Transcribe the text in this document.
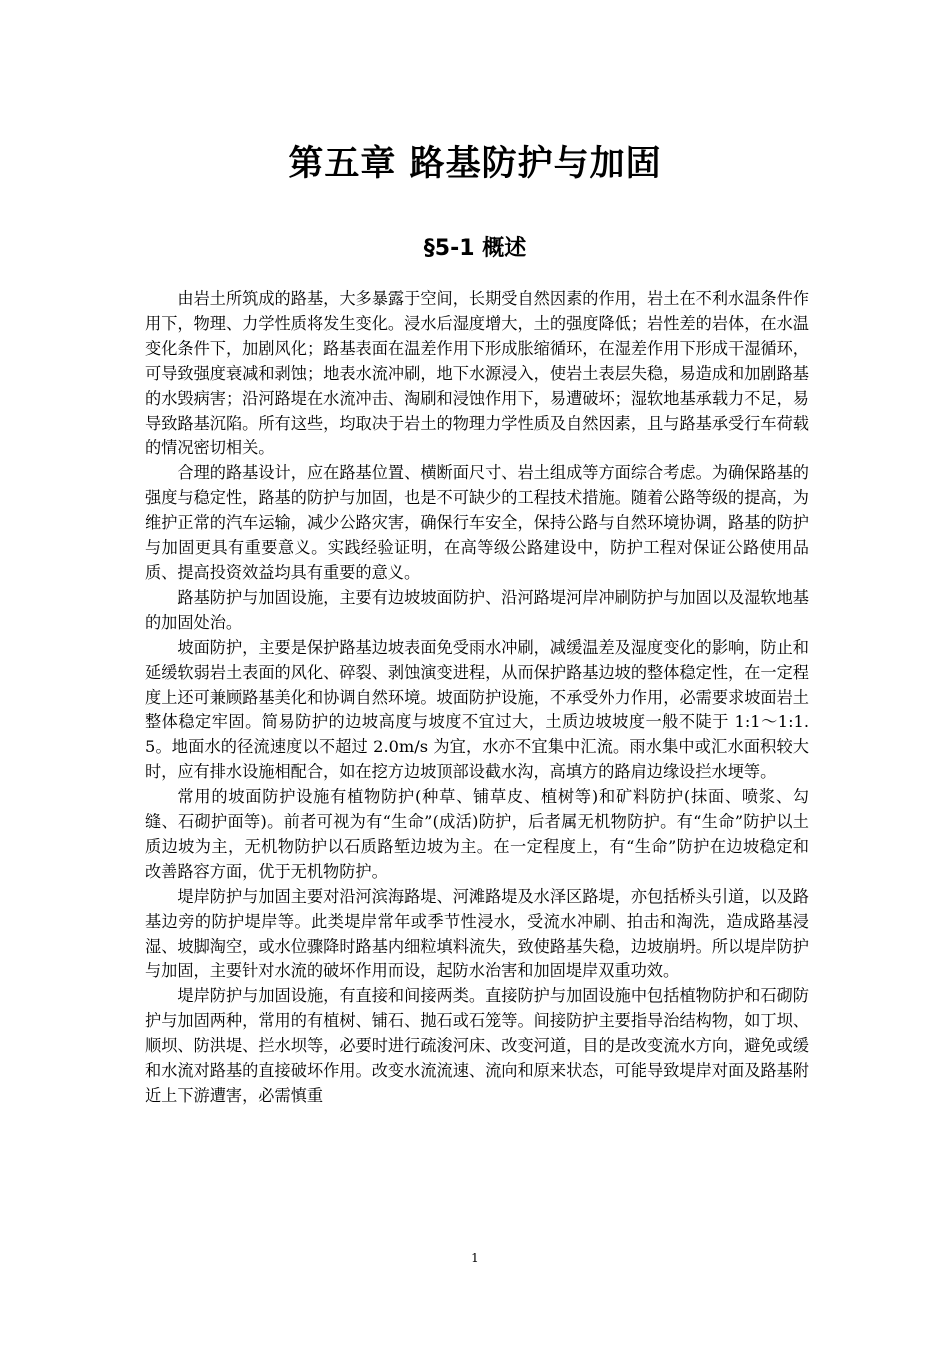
第五章 路基防护与加固
§5-1 概述

由岩土所筑成的路基，大多暴露于空间，长期受自然因素的作用，岩土在不利水温条件作用下，物理、力学性质将发生变化。浸水后湿度增大，土的强度降低；岩性差的岩体，在水温变化条件下，加剧风化；路基表面在温差作用下形成胀缩循环，在湿差作用下形成干湿循环，可导致强度衰减和剥蚀；地表水流冲刷，地下水源浸入，使岩土表层失稳，易造成和加剧路基的水毁病害；沿河路堤在水流冲击、淘刷和浸蚀作用下，易遭破坏；湿软地基承载力不足，易导致路基沉陷。所有这些，均取决于岩土的物理力学性质及自然因素，且与路基承受行车荷载的情况密切相关。

合理的路基设计，应在路基位置、横断面尺寸、岩土组成等方面综合考虑。为确保路基的强度与稳定性，路基的防护与加固，也是不可缺少的工程技术措施。随着公路等级的提高，为维护正常的汽车运输，减少公路灾害，确保行车安全，保持公路与自然环境协调，路基的防护与加固更具有重要意义。实践经验证明，在高等级公路建设中，防护工程对保证公路使用品质、提高投资效益均具有重要的意义。

路基防护与加固设施，主要有边坡坡面防护、沿河路堤河岸冲刷防护与加固以及湿软地基的加固处治。

坡面防护，主要是保护路基边坡表面免受雨水冲刷，减缓温差及湿度变化的影响，防止和延缓软弱岩土表面的风化、碎裂、剥蚀演变进程，从而保护路基边坡的整体稳定性，在一定程度上还可兼顾路基美化和协调自然环境。坡面防护设施，不承受外力作用，必需要求坡面岩土整体稳定牢固。简易防护的边坡高度与坡度不宜过大，土质边坡坡度一般不陡于 1:1～1:1.5。地面水的径流速度以不超过 2.0m/s 为宜，水亦不宜集中汇流。雨水集中或汇水面积较大时，应有排水设施相配合，如在挖方边坡顶部设截水沟，高填方的路肩边缘设拦水埂等。

常用的坡面防护设施有植物防护(种草、铺草皮、植树等)和矿料防护(抹面、喷浆、勾缝、石砌护面等)。前者可视为有“生命”(成活)防护，后者属无机物防护。有“生命”防护以土质边坡为主，无机物防护以石质路堑边坡为主。在一定程度上，有“生命”防护在边坡稳定和改善路容方面，优于无机物防护。

堤岸防护与加固主要对沿河滨海路堤、河滩路堤及水泽区路堤，亦包括桥头引道，以及路基边旁的防护堤岸等。此类堤岸常年或季节性浸水，受流水冲刷、拍击和淘洗，造成路基浸湿、坡脚淘空，或水位骤降时路基内细粒填料流失，致使路基失稳，边坡崩坍。所以堤岸防护与加固，主要针对水流的破坏作用而设，起防水治害和加固堤岸双重功效。

堤岸防护与加固设施，有直接和间接两类。直接防护与加固设施中包括植物防护和石砌防护与加固两种，常用的有植树、铺石、抛石或石笼等。间接防护主要指导治结构物，如丁坝、顺坝、防洪堤、拦水坝等，必要时进行疏浚河床、改变河道，目的是改变流水方向，避免或缓和水流对路基的直接破坏作用。改变水流流速、流向和原来状态，可能导致堤岸对面及路基附近上下游遭害，必需慎重

1
